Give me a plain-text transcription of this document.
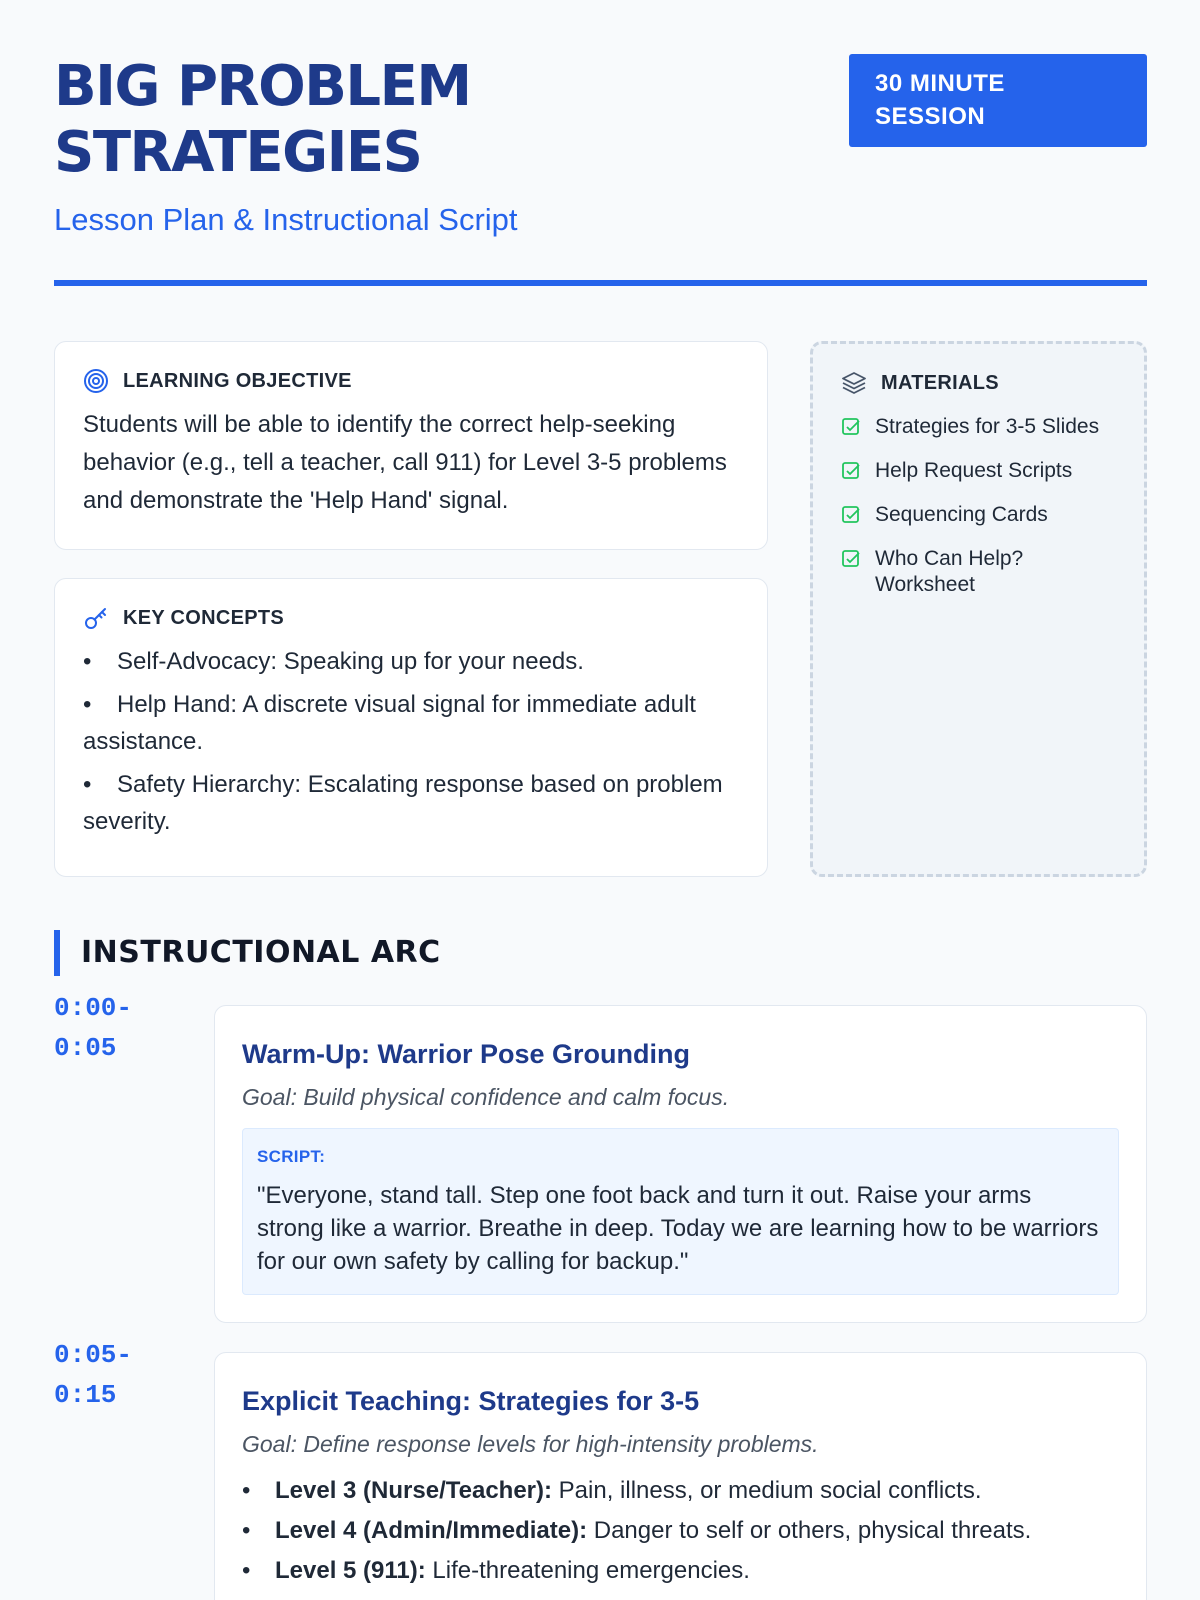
BIG PROBLEM
STRATEGIES
Lesson Plan & Instructional Script
30 MINUTE
SESSION
LEARNING OBJECTIVE

Students will be able to identify the correct help-seeking behavior (e.g., tell a teacher, call 911) for Level 3-5 problems and demonstrate the 'Help Hand' signal.

KEY CONCEPTS
• Self-Advocacy: Speaking up for your needs.
• Help Hand: A discrete visual signal for immediate adult assistance.
• Safety Hierarchy: Escalating response based on problem severity.
MATERIALS
Strategies for 3-5 Slides
Help Request Scripts
Sequencing Cards
Who Can Help? Worksheet
INSTRUCTIONAL ARC
0:00-
0:05	Warm-Up: Warrior Pose Grounding
Goal: Build physical confidence and calm focus.
SCRIPT:
"Everyone, stand tall. Step one foot back and turn it out. Raise your arms strong like a warrior. Breathe in deep. Today we are learning how to be warriors for our own safety by calling for backup."
0:05-
0:15	Explicit Teaching: Strategies for 3-5
Goal: Define response levels for high-intensity problems.
• Level 3 (Nurse/Teacher): Pain, illness, or medium social conflicts.
• Level 4 (Admin/Immediate): Danger to self or others, physical threats.
• Level 5 (911): Life-threatening emergencies.
